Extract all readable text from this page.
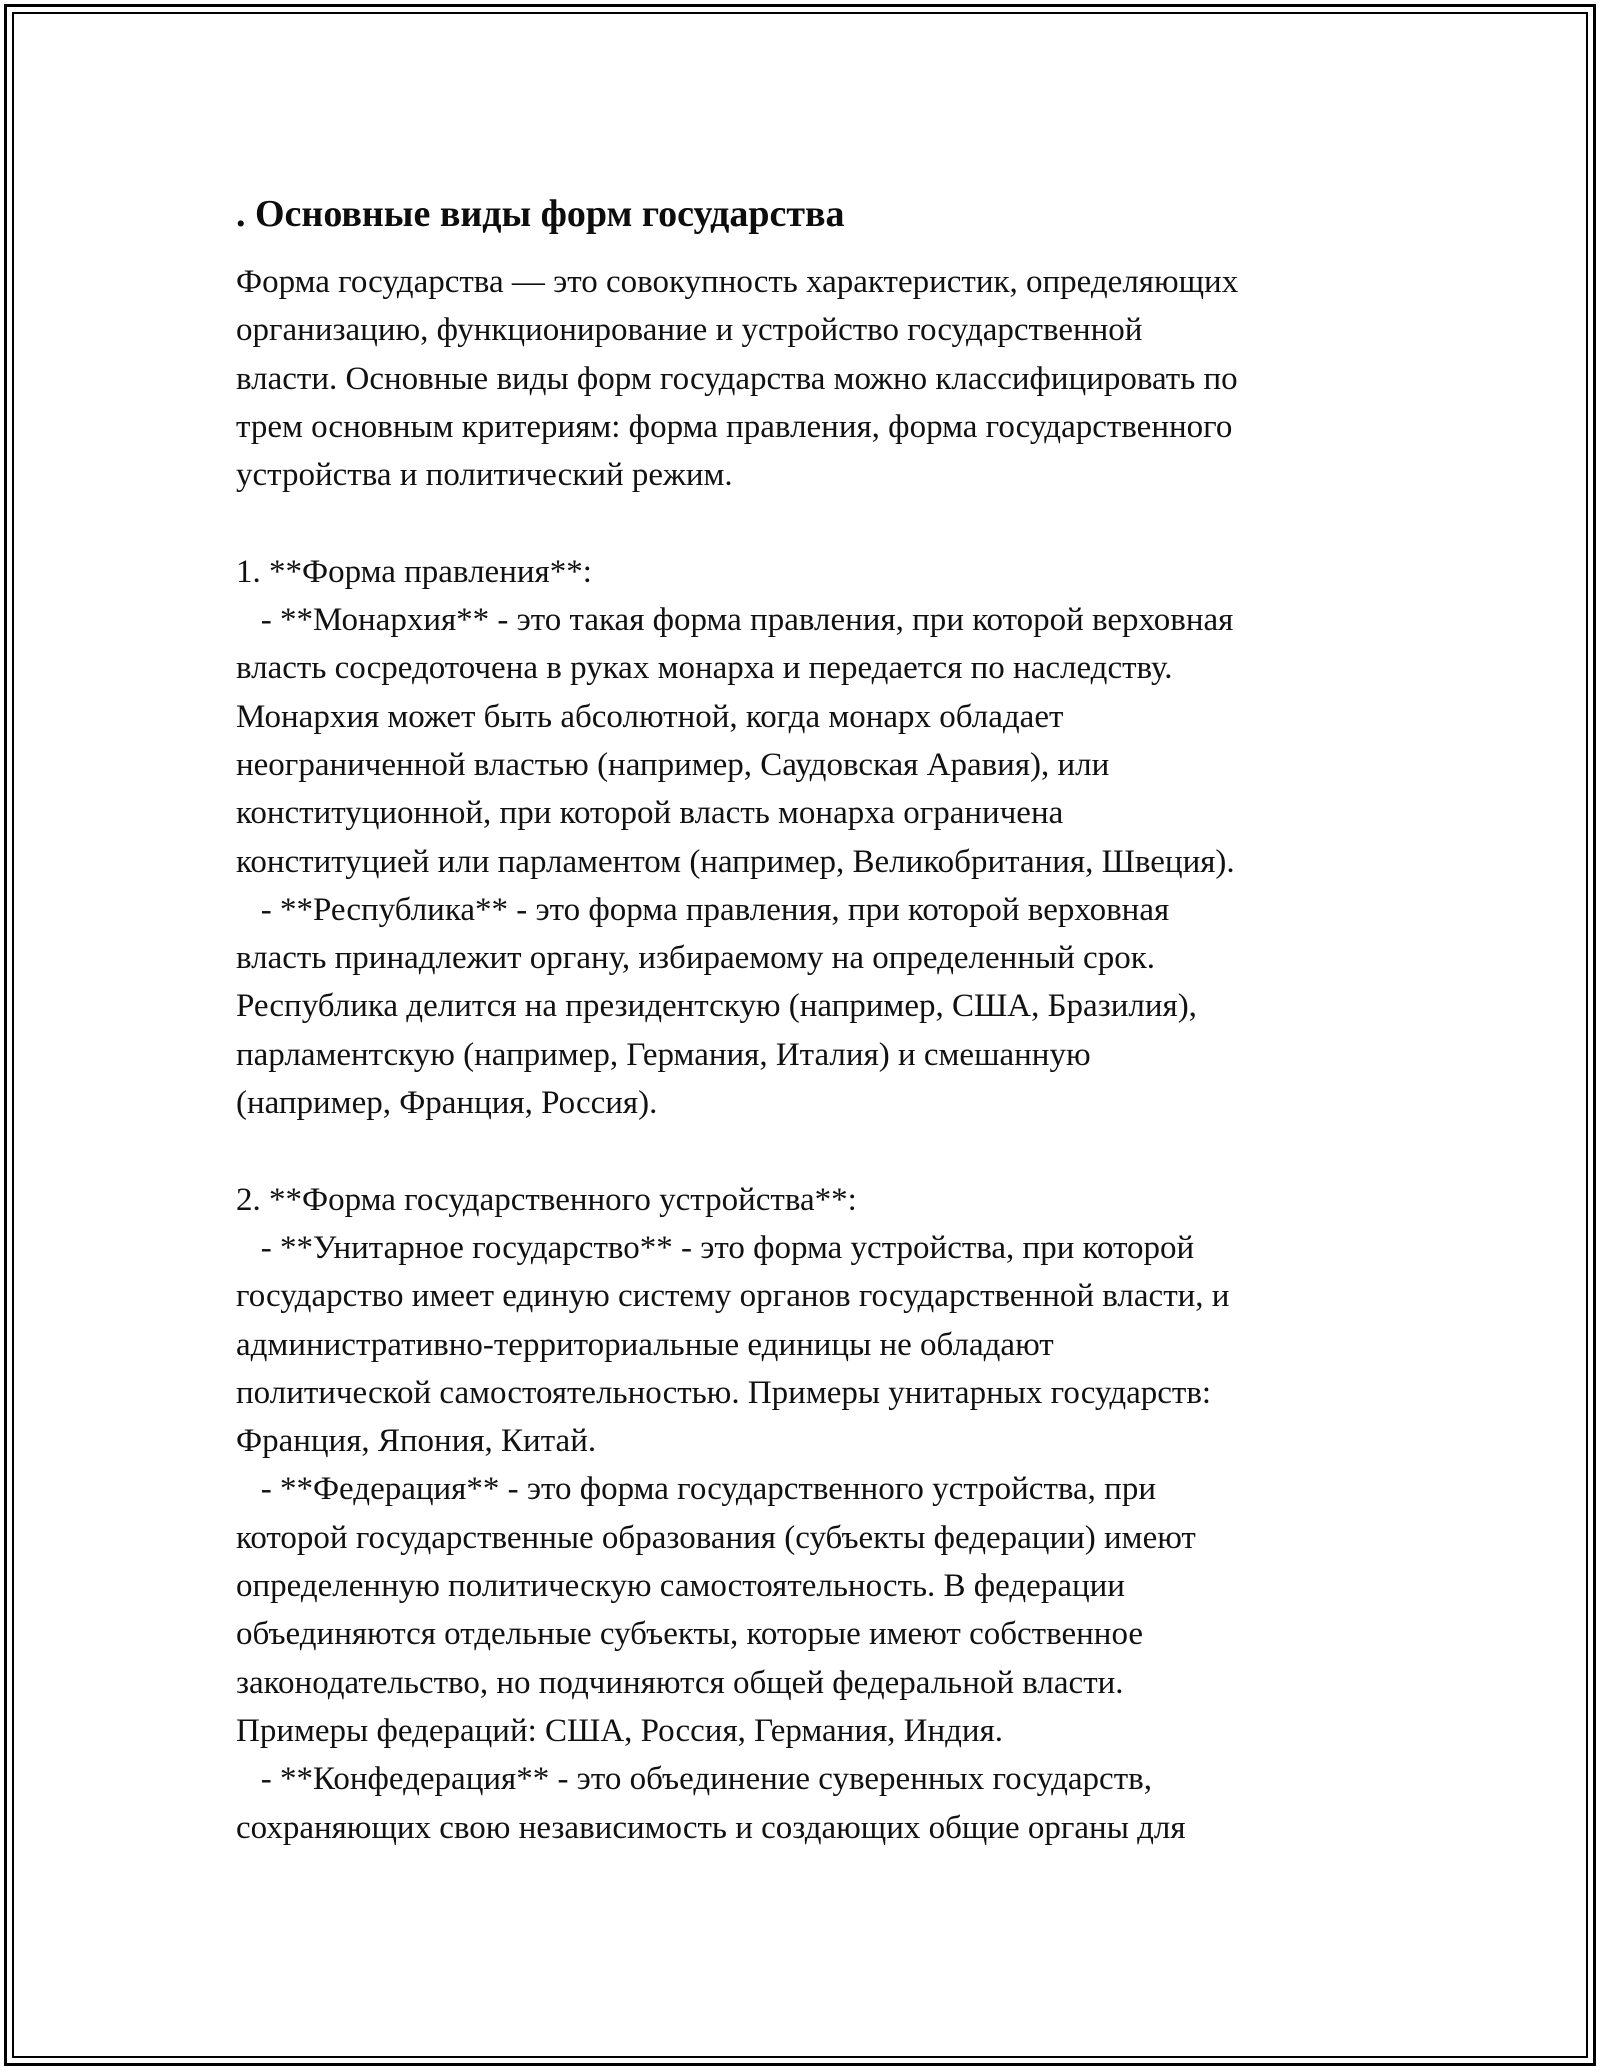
. Основные виды форм государства
Форма государства — это совокупность характеристик, определяющих
организацию, функционирование и устройство государственной
власти. Основные виды форм государства можно классифицировать по
трем основным критериям: форма правления, форма государственного
устройства и политический режим.

1. **Форма правления**:
- **Монархия** - это такая форма правления, при которой верховная
власть сосредоточена в руках монарха и передается по наследству.
Монархия может быть абсолютной, когда монарх обладает
неограниченной властью (например, Саудовская Аравия), или
конституционной, при которой власть монарха ограничена
конституцией или парламентом (например, Великобритания, Швеция).
- **Республика** - это форма правления, при которой верховная
власть принадлежит органу, избираемому на определенный срок.
Республика делится на президентскую (например, США, Бразилия),
парламентскую (например, Германия, Италия) и смешанную
(например, Франция, Россия).

2. **Форма государственного устройства**:
- **Унитарное государство** - это форма устройства, при которой
государство имеет единую систему органов государственной власти, и
административно-территориальные единицы не обладают
политической самостоятельностью. Примеры унитарных государств:
Франция, Япония, Китай.
- **Федерация** - это форма государственного устройства, при
которой государственные образования (субъекты федерации) имеют
определенную политическую самостоятельность. В федерации
объединяются отдельные субъекты, которые имеют собственное
законодательство, но подчиняются общей федеральной власти.
Примеры федераций: США, Россия, Германия, Индия.
- **Конфедерация** - это объединение суверенных государств,
сохраняющих свою независимость и создающих общие органы для
